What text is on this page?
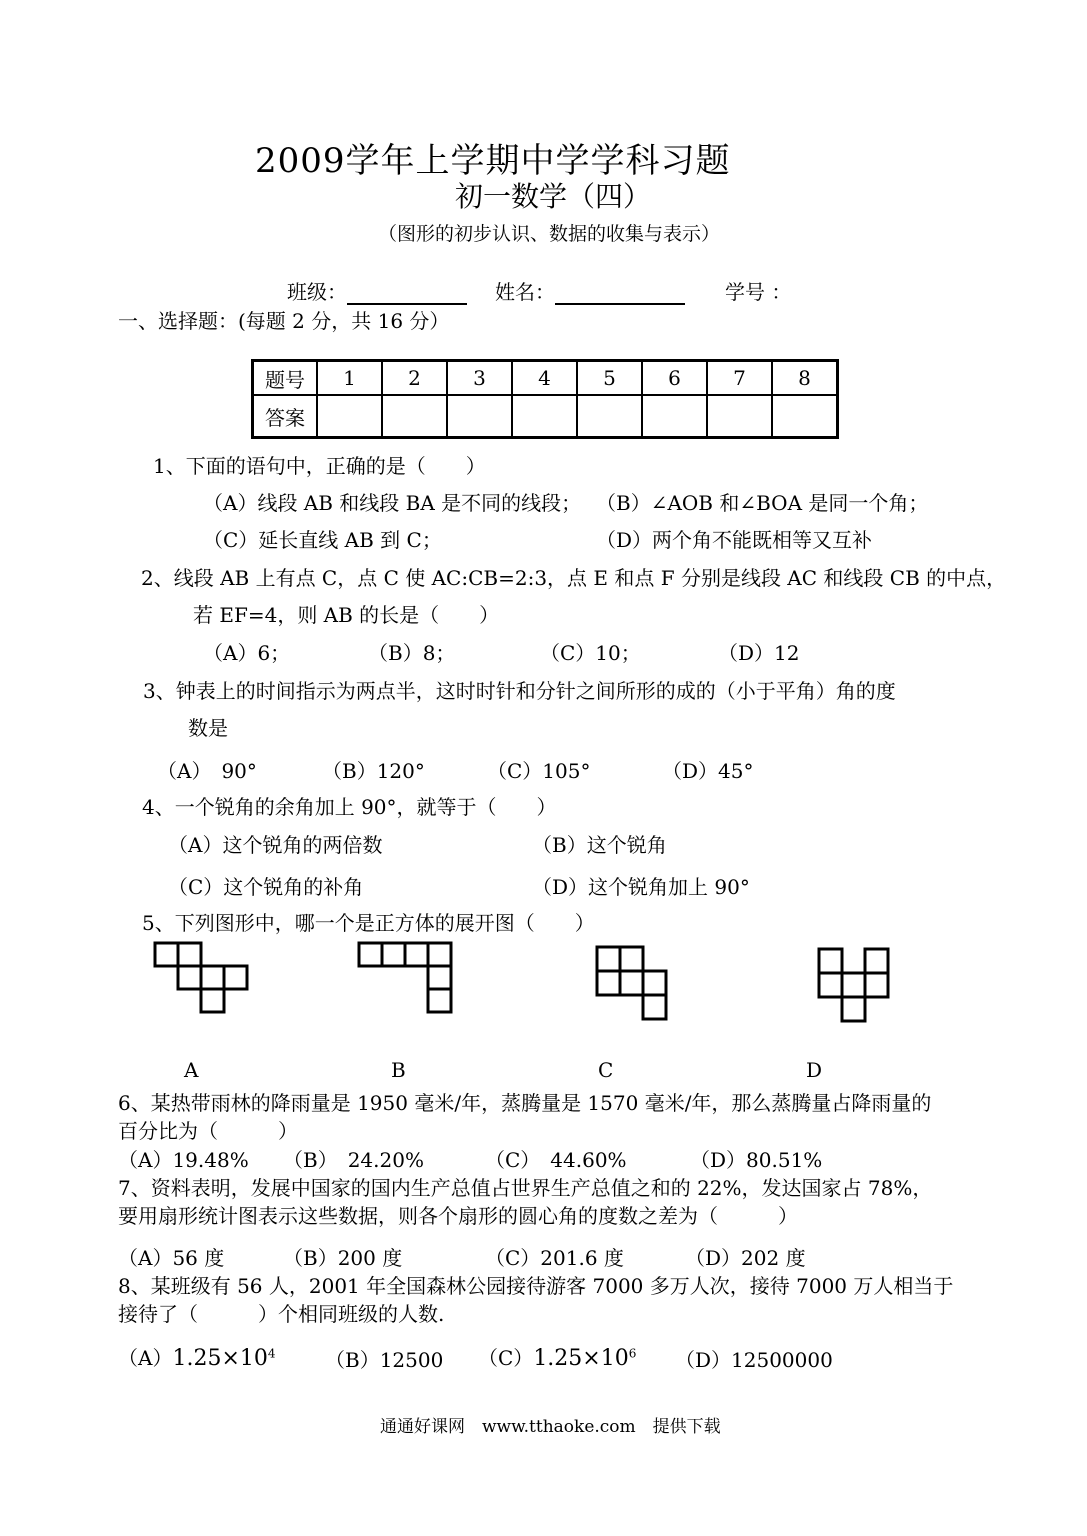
2009学年上学期中学学科习题
初一数学（四）
（图形的初步认识、数据的收集与表示）
班级：	姓名：	学号 ：
一、选择题：(每题 2 分，共 16 分）
题号	1	2	3	4	5	6	7	8
答案								
1、下面的语句中，正确的是（　　）
（A）线段 AB 和线段 BA 是不同的线段； （B）∠AOB 和∠BOA 是同一个角；
（C）延长直线 AB 到 C；	（D）两个角不能既相等又互补
2、线段 AB 上有点 C，点 C 使 AC:CB=2:3，点 E 和点 F 分别是线段 AC 和线段 CB 的中点，
若 EF=4，则 AB 的长是（　　）
（A）6；	（B）8；	（C）10；	（D）12
3、钟表上的时间指示为两点半，这时时针和分针之间所形的成的（小于平角）角的度
数是
（A）　90°	（B）120°	（C）105°	（D）45°
4、一个锐角的余角加上 90°，就等于（　　）
（A）这个锐角的两倍数	（B）这个锐角
（C）这个锐角的补角	（D）这个锐角加上 90°
5、下列图形中，哪一个是正方体的展开图（　　）
A	B	C	D
6、某热带雨林的降雨量是 1950 毫米/年，蒸腾量是 1570 毫米/年，那么蒸腾量占降雨量的
百分比为（　　　）
（A）19.48% （B）　24.20%	（C）　44.60%	（D）80.51%
7、资料表明，发展中国家的国内生产总值占世界生产总值之和的 22%，发达国家占 78%，
要用扇形统计图表示这些数据，则各个扇形的圆心角的度数之差为（　　　）
（A）56 度	（B）200 度	（C）201.6 度	（D）202 度
8、某班级有 56 人，2001 年全国森林公园接待游客 7000 多万人次，接待 7000 万人相当于
接待了（　　　）个相同班级的人数.
$(A)1.25\times 10^4$ （B）12500 $(C)1.25\times 10^6$ （D）12500000
通通好课网　www.tthaoke.com　提供下载
